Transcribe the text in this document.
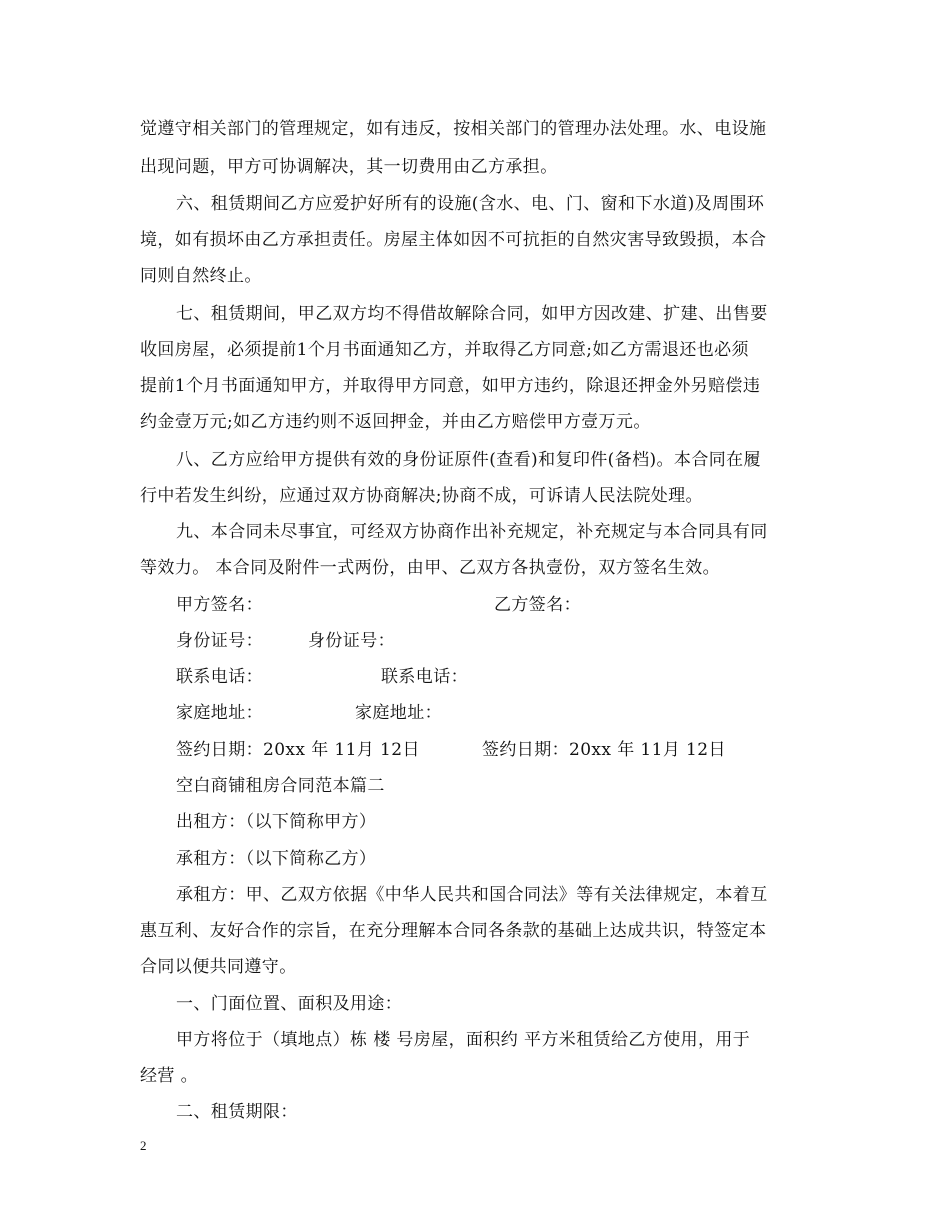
觉遵守相关部门的管理规定，如有违反，按相关部门的管理办法处理。水、电设施
出现问题，甲方可协调解决，其一切费用由乙方承担。
六、租赁期间乙方应爱护好所有的设施(含水、电、门、窗和下水道)及周围环
境，如有损坏由乙方承担责任。房屋主体如因不可抗拒的自然灾害导致毁损，本合
同则自然终止。
七、租赁期间，甲乙双方均不得借故解除合同，如甲方因改建、扩建、出售要
收回房屋，必须提前1个月书面通知乙方，并取得乙方同意;如乙方需退还也必须
提前1个月书面通知甲方，并取得甲方同意，如甲方违约，除退还押金外另赔偿违
约金壹万元;如乙方违约则不返回押金，并由乙方赔偿甲方壹万元。
八、乙方应给甲方提供有效的身份证原件(查看)和复印件(备档)。本合同在履
行中若发生纠纷，应通过双方协商解决;协商不成，可诉请人民法院处理。
九、本合同未尽事宜，可经双方协商作出补充规定，补充规定与本合同具有同
等效力。 本合同及附件一式两份，由甲、乙双方各执壹份，双方签名生效。
甲方签名：	乙方签名：
身份证号：	身份证号：
联系电话：	联系电话：
家庭地址：	家庭地址：
签约日期：20xx 年 11月 12日	签约日期：20xx 年 11月 12日
空白商铺租房合同范本篇二
出租方：（以下简称甲方）
承租方：（以下简称乙方）
承租方：甲、乙双方依据《中华人民共和国合同法》等有关法律规定，本着互
惠互利、友好合作的宗旨，在充分理解本合同各条款的基础上达成共识，特签定本
合同以便共同遵守。
一、门面位置、面积及用途：
甲方将位于（填地点）栋 楼 号房屋，面积约 平方米租赁给乙方使用，用于
经营 。
二、租赁期限：
2
